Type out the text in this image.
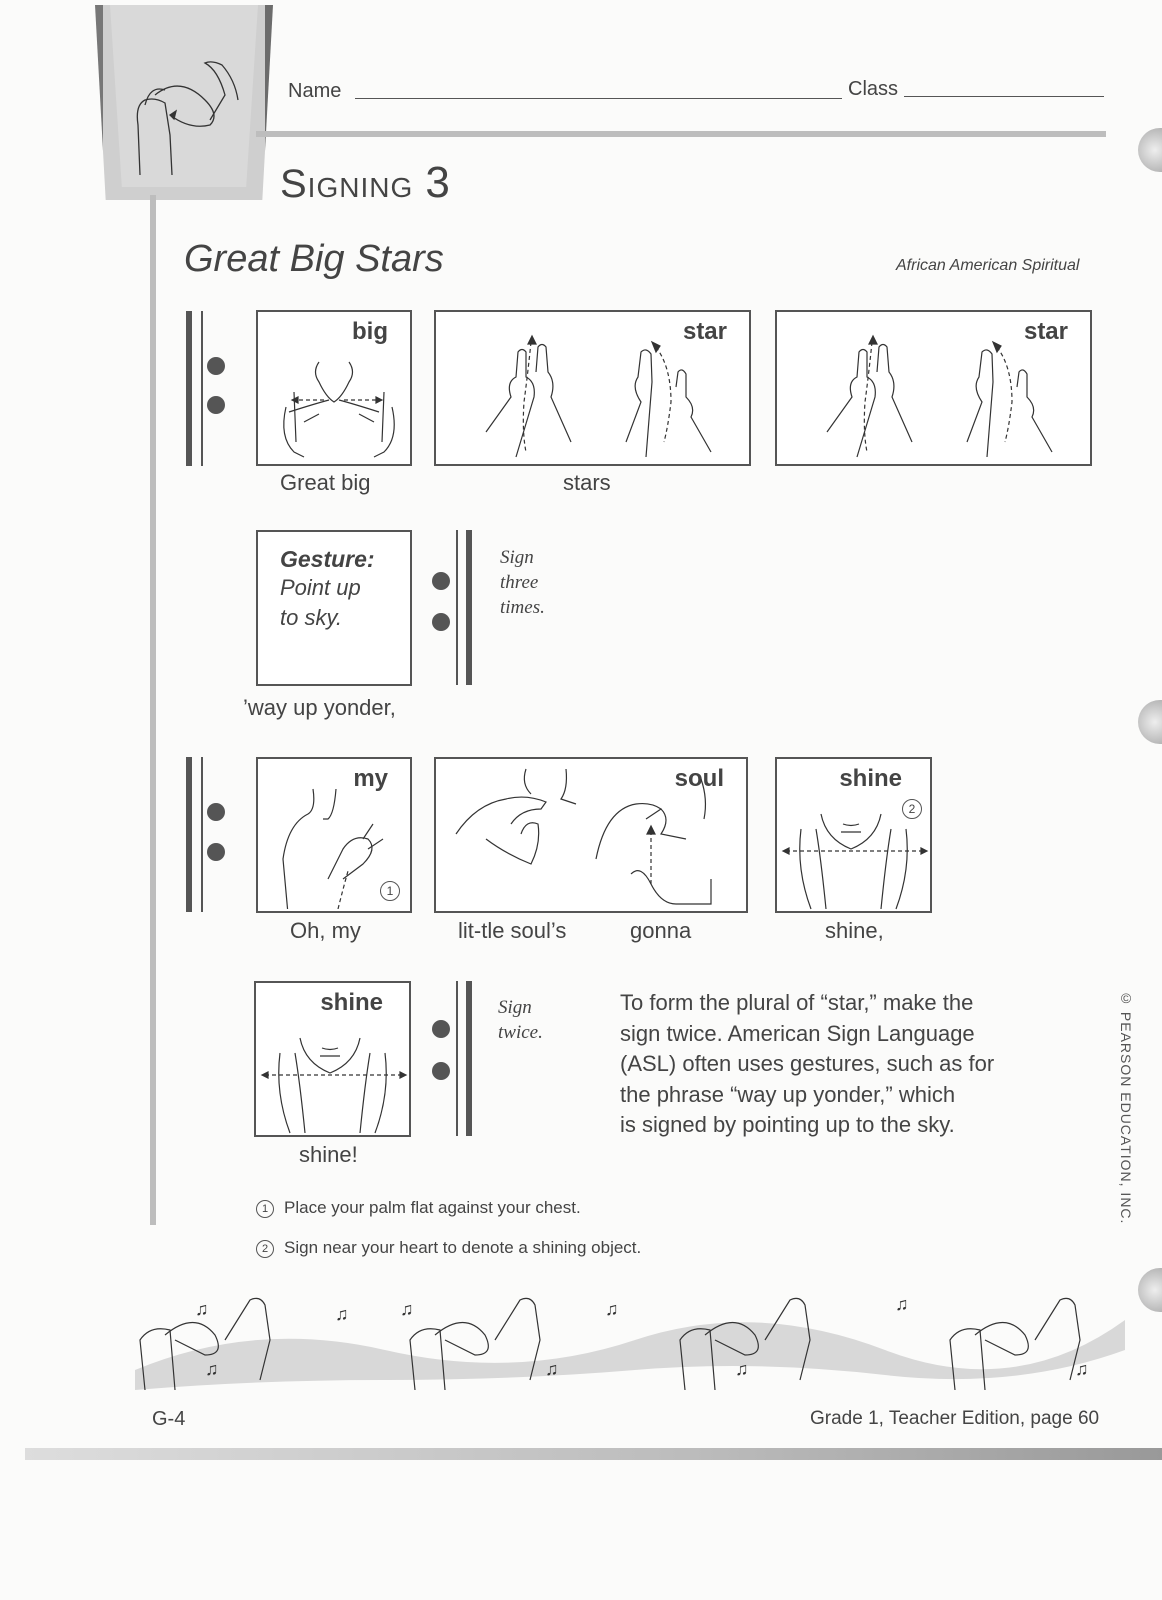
Name	Class
Signing 3
Great Big Stars	African American Spiritual
big
Great big
star
stars
star
Gesture:
Point up
to sky.
’way up yonder,
Sign
three
times.
my
1
Oh, my
soul
lit-tle soul’s	gonna
shine
2
shine,
shine
shine!
Sign
twice.
To form the plural of “star,” make the
sign twice. American Sign Language
(ASL) often uses gestures, such as for
the phrase “way up yonder,” which
is signed by pointing up to the sky.
1 Place your palm flat against your chest.
2 Sign near your heart to denote a shining object.
© PEARSON EDUCATION, INC.
♫	♫	♫
♫	♫
♫
♫
♫
♫
G-4	Grade 1, Teacher Edition, page 60
